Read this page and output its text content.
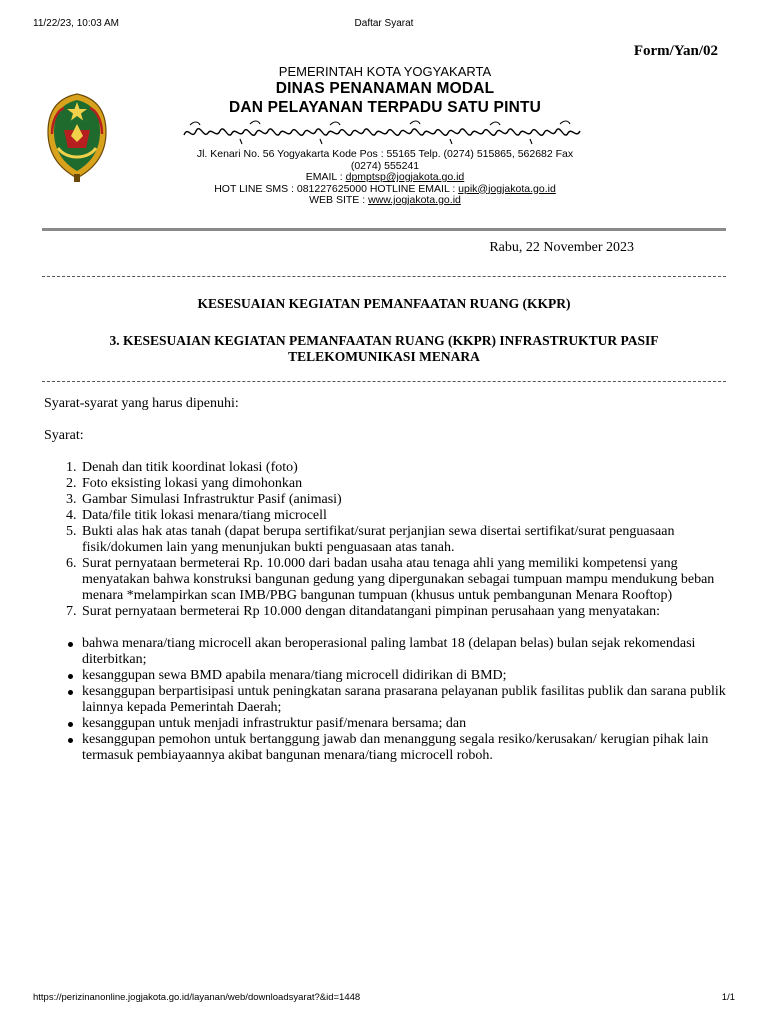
11/22/23, 10:03 AM	Daftar Syarat
Form/Yan/02
PEMERINTAH KOTA YOGYAKARTA
DINAS PENANAMAN MODAL
DAN PELAYANAN TERPADU SATU PINTU
Jl. Kenari No. 56 Yogyakarta Kode Pos : 55165 Telp. (0274) 515865, 562682 Fax
(0274) 555241
EMAIL : dpmptsp@jogjakota.go.id
HOT LINE SMS : 081227625000 HOTLINE EMAIL : upik@jogjakota.go.id
WEB SITE : www.jogjakota.go.id
Rabu, 22 November 2023
KESESUAIAN KEGIATAN PEMANFAATAN RUANG (KKPR)
3. KESESUAIAN KEGIATAN PEMANFAATAN RUANG (KKPR) INFRASTRUKTUR PASIF TELEKOMUNIKASI MENARA

Syarat-syarat yang harus dipenuhi:

Syarat:

1. Denah dan titik koordinat lokasi (foto)
2. Foto eksisting lokasi yang dimohonkan
3. Gambar Simulasi Infrastruktur Pasif (animasi)
4. Data/file titik lokasi menara/tiang microcell
5. Bukti alas hak atas tanah (dapat berupa sertifikat/surat perjanjian sewa disertai sertifikat/surat penguasaan fisik/dokumen lain yang menunjukan bukti penguasaan atas tanah.
6. Surat pernyataan bermeterai Rp. 10.000 dari badan usaha atau tenaga ahli yang memiliki kompetensi yang menyatakan bahwa konstruksi bangunan gedung yang dipergunakan sebagai tumpuan mampu mendukung beban menara *melampirkan scan IMB/PBG bangunan tumpuan (khusus untuk pembangunan Menara Rooftop)
7. Surat pernyataan bermeterai Rp 10.000 dengan ditandatangani pimpinan perusahaan yang menyatakan:
bahwa menara/tiang microcell akan beroperasional paling lambat 18 (delapan belas) bulan sejak rekomendasi diterbitkan;
kesanggupan sewa BMD apabila menara/tiang microcell didirikan di BMD;
kesanggupan berpartisipasi untuk peningkatan sarana prasarana pelayanan publik fasilitas publik dan sarana publik lainnya kepada Pemerintah Daerah;
kesanggupan untuk menjadi infrastruktur pasif/menara bersama; dan
kesanggupan pemohon untuk bertanggung jawab dan menanggung segala resiko/kerusakan/ kerugian pihak lain termasuk pembiayaannya akibat bangunan menara/tiang microcell roboh.
https://perizinanonline.jogjakota.go.id/layanan/web/downloadsyarat?&id=1448	1/1
